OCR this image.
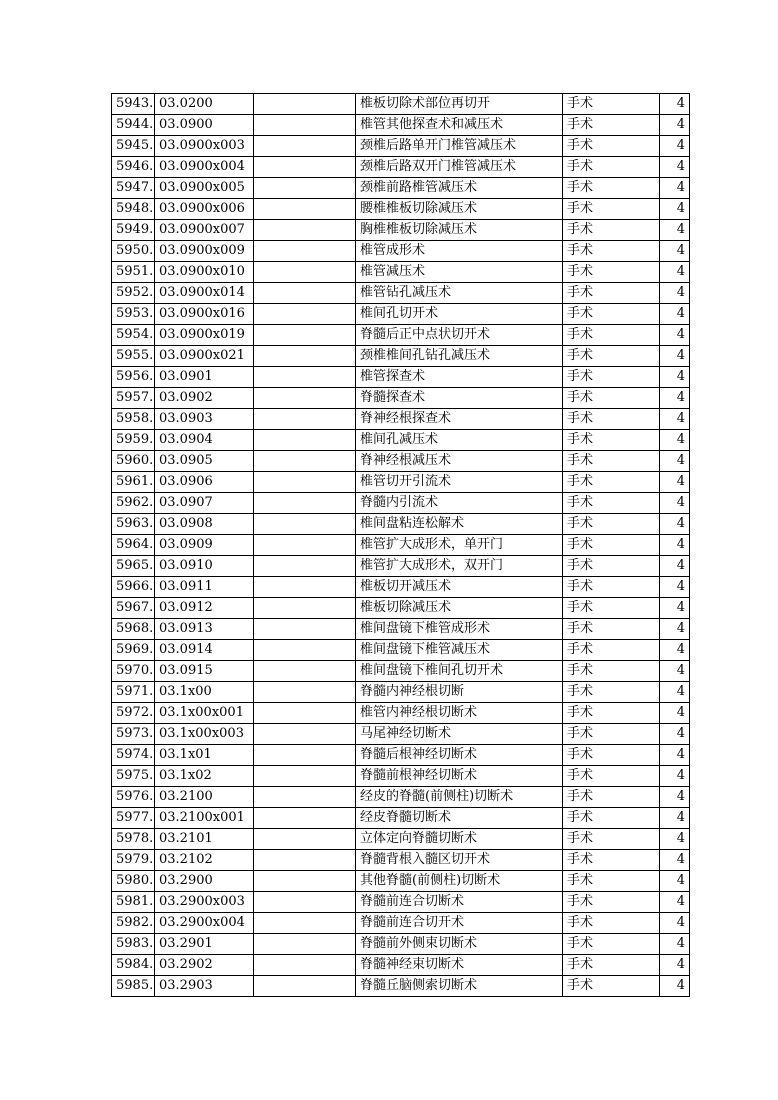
5943.	03.0200		椎板切除术部位再切开	手术	4
5944.	03.0900		椎管其他探查术和减压术	手术	4
5945.	03.0900x003		颈椎后路单开门椎管减压术	手术	4
5946.	03.0900x004		颈椎后路双开门椎管减压术	手术	4
5947.	03.0900x005		颈椎前路椎管减压术	手术	4
5948.	03.0900x006		腰椎椎板切除减压术	手术	4
5949.	03.0900x007		胸椎椎板切除减压术	手术	4
5950.	03.0900x009		椎管成形术	手术	4
5951.	03.0900x010		椎管减压术	手术	4
5952.	03.0900x014		椎管钻孔减压术	手术	4
5953.	03.0900x016		椎间孔切开术	手术	4
5954.	03.0900x019		脊髓后正中点状切开术	手术	4
5955.	03.0900x021		颈椎椎间孔钻孔减压术	手术	4
5956.	03.0901		椎管探查术	手术	4
5957.	03.0902		脊髓探查术	手术	4
5958.	03.0903		脊神经根探查术	手术	4
5959.	03.0904		椎间孔减压术	手术	4
5960.	03.0905		脊神经根减压术	手术	4
5961.	03.0906		椎管切开引流术	手术	4
5962.	03.0907		脊髓内引流术	手术	4
5963.	03.0908		椎间盘粘连松解术	手术	4
5964.	03.0909		椎管扩大成形术，单开门	手术	4
5965.	03.0910		椎管扩大成形术，双开门	手术	4
5966.	03.0911		椎板切开减压术	手术	4
5967.	03.0912		椎板切除减压术	手术	4
5968.	03.0913		椎间盘镜下椎管成形术	手术	4
5969.	03.0914		椎间盘镜下椎管减压术	手术	4
5970.	03.0915		椎间盘镜下椎间孔切开术	手术	4
5971.	03.1x00		脊髓内神经根切断	手术	4
5972.	03.1x00x001		椎管内神经根切断术	手术	4
5973.	03.1x00x003		马尾神经切断术	手术	4
5974.	03.1x01		脊髓后根神经切断术	手术	4
5975.	03.1x02		脊髓前根神经切断术	手术	4
5976.	03.2100		经皮的脊髓(前侧柱)切断术	手术	4
5977.	03.2100x001		经皮脊髓切断术	手术	4
5978.	03.2101		立体定向脊髓切断术	手术	4
5979.	03.2102		脊髓背根入髓区切开术	手术	4
5980.	03.2900		其他脊髓(前侧柱)切断术	手术	4
5981.	03.2900x003		脊髓前连合切断术	手术	4
5982.	03.2900x004		脊髓前连合切开术	手术	4
5983.	03.2901		脊髓前外侧束切断术	手术	4
5984.	03.2902		脊髓神经束切断术	手术	4
5985.	03.2903		脊髓丘脑侧索切断术	手术	4
